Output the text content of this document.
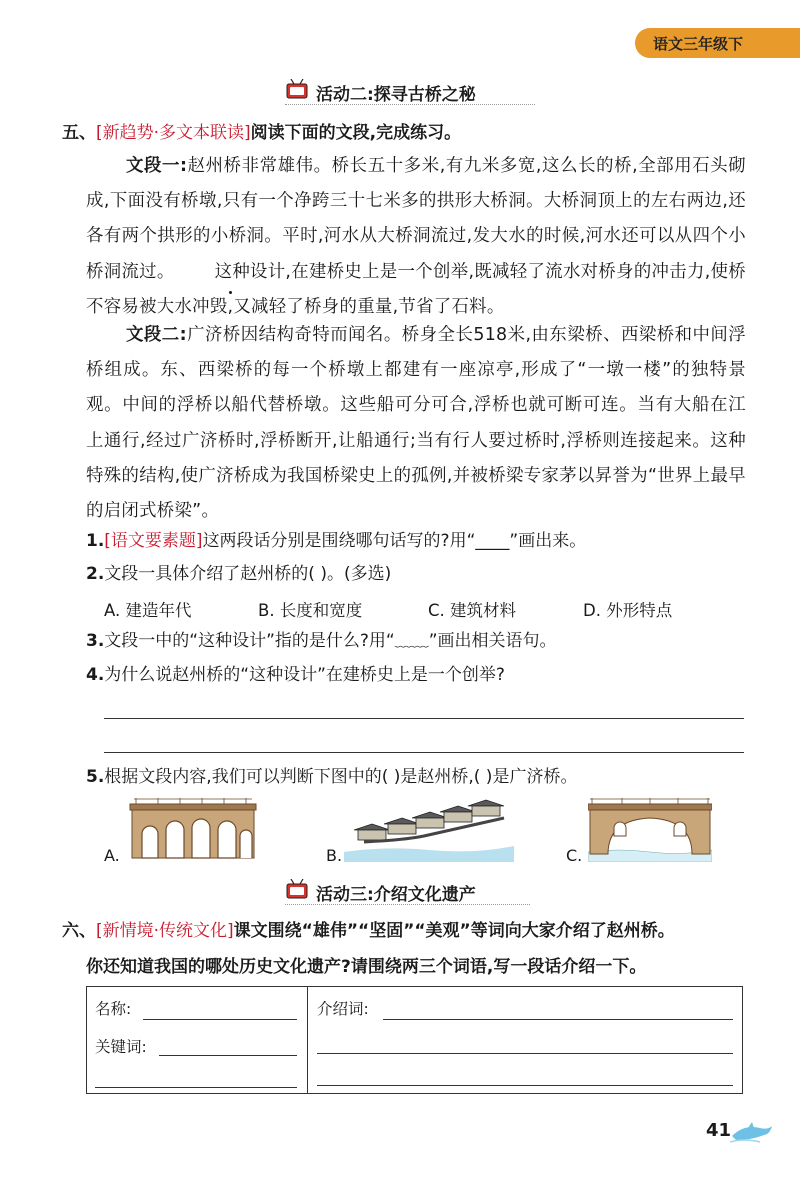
语文三年级下
活动二:探寻古桥之秘
五、[新趋势·多文本联读]阅读下面的文段,完成练习。
文段一:赵州桥非常雄伟。桥长五十多米,有九米多宽,这么长的桥,全部用石头砌成,下面没有桥墩,只有一个净跨三十七米多的拱形大桥洞。大桥洞顶上的左右两边,还各有两个拱形的小桥洞。平时,河水从大桥洞流过,发大水的时候,河水还可以从四个小桥洞流过。 这种设计,在建桥史上是一个创举,既减轻了流水对桥身的冲击力,使桥不容易被大水冲毁,又减轻了桥身的重量,节省了石料。
文段二:广济桥因结构奇特而闻名。桥身全长518米,由东梁桥、西梁桥和中间浮桥组成。东、西梁桥的每一个桥墩上都建有一座凉亭,形成了“一墩一楼”的独特景观。中间的浮桥以船代替桥墩。这些船可分可合,浮桥也就可断可连。当有大船在江上通行,经过广济桥时,浮桥断开,让船通行;当有行人要过桥时,浮桥则连接起来。这种特殊的结构,使广济桥成为我国桥梁史上的孤例,并被桥梁专家茅以昇誉为“世界上最早的启闭式桥梁”。
1.[语文要素题]这两段话分别是围绕哪句话写的?用“____”画出来。
2.文段一具体介绍了赵州桥的( )。(多选)
A. 建造年代	B. 长度和宽度	C. 建筑材料	D. 外形特点
3.文段一中的“这种设计”指的是什么?用“﹏﹏”画出相关语句。
4.为什么说赵州桥的“这种设计”在建桥史上是一个创举?
5.根据文段内容,我们可以判断下图中的( )是赵州桥,( )是广济桥。
A.	B.	C.
活动三:介绍文化遗产
六、[新情境·传统文化]课文围绕“雄伟”“坚固”“美观”等词向大家介绍了赵州桥。
你还知道我国的哪处历史文化遗产?请围绕两三个词语,写一段话介绍一下。
名称:
关键词:
介绍词:
41
